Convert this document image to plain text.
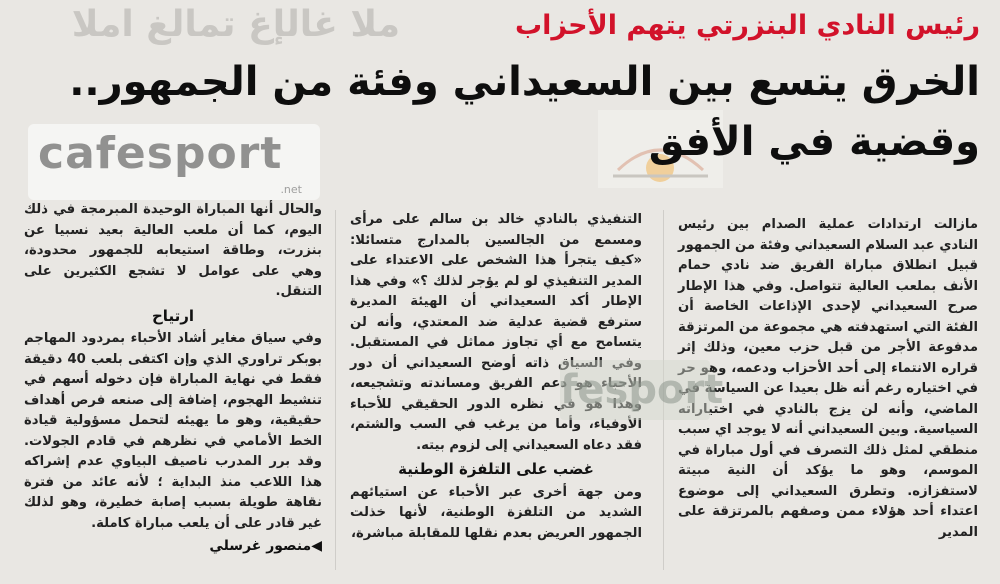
ملا غالإغ تمالغ املا	رئيس النادي البنزرتي يتهم الأحزاب
الخرق يتسع بين السعيداني وفئة من الجمهور..
وقضية في الأفق
cafesport
.net

مازالت ارتدادات عملية الصدام بين رئيس النادي عبد السلام السعيداني وفئة من الجمهور قبيل انطلاق مباراة الفريق ضد نادي حمام الأنف بملعب العالية تتواصل. وفي هذا الإطار صرح السعيداني لإحدى الإذاعات الخاصة أن الفئة التي استهدفته هي مجموعة من المرتزقة مدفوعة الأجر من قبل حزب معين، وذلك إثر قراره الانتماء إلى أحد الأحزاب ودعمه، وهو حر في اختياره رغم أنه ظل بعيدا عن السياسة في الماضي، وأنه لن يزج بالنادي في اختياراته السياسية. وبين السعيداني أنه لا يوجد اي سبب منطقي لمثل ذلك التصرف في أول مباراة في الموسم، وهو ما يؤكد أن النية مبيتة لاستفزازه. وتطرق السعيداني إلى موضوع اعتداء أحد هؤلاء ممن وصفهم بالمرتزقة على المدير

التنفيذي بالنادي خالد بن سالم على مرأى ومسمع من الجالسين بالمدارج متسائلا: «كيف يتجرأ هذا الشخص على الاعتداء على المدير التنفيذي لو لم يؤجر لذلك ؟» وفي هذا الإطار أكد السعيداني أن الهيئة المديرة سترفع قضية عدلية ضد المعتدي، وأنه لن يتسامح مع أي تجاوز مماثل في المستقبل. وفي السياق ذاته أوضح السعيداني أن دور الأحباء هو دعم الفريق ومساندته وتشجيعه، وهذا هو في نظره الدور الحقيقي للأحباء الأوفياء، وأما من يرغب في السب والشتم، فقد دعاه السعيداني إلى لزوم بيته.

غضب على التلفزة الوطنية

ومن جهة أخرى عبر الأحباء عن استيائهم الشديد من التلفزة الوطنية، لأنها خذلت الجمهور العريض بعدم نقلها للمقابلة مباشرة،

والحال أنها المباراة الوحيدة المبرمجة في ذلك اليوم، كما أن ملعب العالية بعيد نسبيا عن بنزرت، وطاقة استيعابه للجمهور محدودة، وهي على عوامل لا تشجع الكثيرين على التنقل.

ارتياح

وفي سياق مغاير أشاد الأحباء بمردود المهاجم بوبكر تراوري الذي وإن اكتفى بلعب 40 دقيقة فقط في نهاية المباراة فإن دخوله أسهم في تنشيط الهجوم، إضافة إلى صنعه فرص أهداف حقيقية، وهو ما يهيئه لتحمل مسؤولية قيادة الخط الأمامي في نظرهم في قادم الجولات. وقد برر المدرب ناصيف البياوي عدم إشراكه هذا اللاعب منذ البداية ؛ لأنه عائد من فترة نقاهة طويلة بسبب إصابة خطيرة، وهو لذلك غير قادر على أن يلعب مباراة كاملة.

◀منصور غرسلي
fesport
